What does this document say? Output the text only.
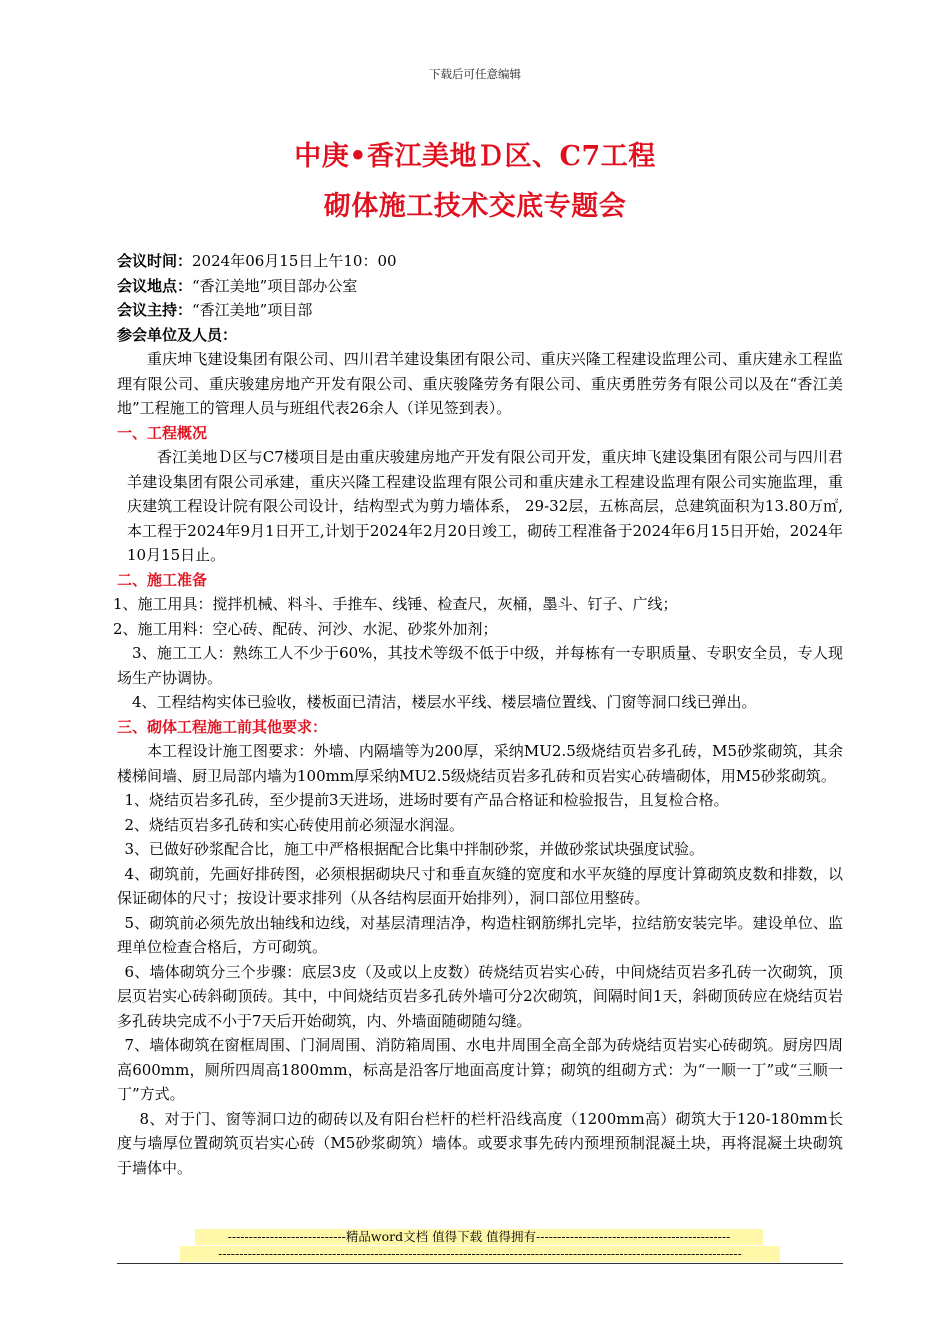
下载后可任意编辑
中庚•香江美地Ｄ区、C7工程
砌体施工技术交底专题会

会议时间：2024年06月15日上午10：00

会议地点：“香江美地”项目部办公室

会议主持：“香江美地”项目部

参会单位及人员：

重庆坤飞建设集团有限公司、四川君羊建设集团有限公司、重庆兴隆工程建设监理公司、重庆建永工程监理有限公司、重庆骏建房地产开发有限公司、重庆骏隆劳务有限公司、重庆勇胜劳务有限公司以及在“香江美地”工程施工的管理人员与班组代表26余人（详见签到表）。

一、工程概况

香江美地Ｄ区与C7楼项目是由重庆骏建房地产开发有限公司开发，重庆坤飞建设集团有限公司与四川君羊建设集团有限公司承建，重庆兴隆工程建设监理有限公司和重庆建永工程建设监理有限公司实施监理，重庆建筑工程设计院有限公司设计，结构型式为剪力墙体系， 29-32层，五栋高层，总建筑面积为13.80万㎡,本工程于2024年9月1日开工,计划于2024年2月20日竣工，砌砖工程准备于2024年6月15日开始，2024年10月15日止。

二、施工准备

1、施工用具：搅拌机械、料斗、手推车、线锤、检查尺，灰桶，墨斗、钉子、广线；

2、施工用料：空心砖、配砖、河沙、水泥、砂浆外加剂；

3、施工工人：熟练工人不少于60%，其技术等级不低于中级，并每栋有一专职质量、专职安全员，专人现场生产协调协。

4、工程结构实体已验收，楼板面已清洁，楼层水平线、楼层墙位置线、门窗等洞口线已弹出。

三、砌体工程施工前其他要求：

本工程设计施工图要求：外墙、内隔墙等为200厚，采纳MU2.5级烧结页岩多孔砖，M5砂浆砌筑，其余楼梯间墙、厨卫局部内墙为100mm厚采纳MU2.5级烧结页岩多孔砖和页岩实心砖墙砌体，用M5砂浆砌筑。

1、烧结页岩多孔砖，至少提前3天进场，进场时要有产品合格证和检验报告，且复检合格。

2、烧结页岩多孔砖和实心砖使用前必须湿水润湿。

3、已做好砂浆配合比，施工中严格根据配合比集中拌制砂浆，并做砂浆试块强度试验。

4、砌筑前，先画好排砖图，必须根据砌块尺寸和垂直灰缝的宽度和水平灰缝的厚度计算砌筑皮数和排数，以保证砌体的尺寸；按设计要求排列（从各结构层面开始排列），洞口部位用整砖。

5、砌筑前必须先放出轴线和边线，对基层清理洁净，构造柱钢筋绑扎完毕，拉结筋安装完毕。建设单位、监理单位检查合格后，方可砌筑。

6、墙体砌筑分三个步骤：底层3皮（及或以上皮数）砖烧结页岩实心砖，中间烧结页岩多孔砖一次砌筑，顶层页岩实心砖斜砌顶砖。其中，中间烧结页岩多孔砖外墙可分2次砌筑，间隔时间1天，斜砌顶砖应在烧结页岩多孔砖块完成不小于7天后开始砌筑，内、外墙面随砌随勾缝。

7、墙体砌筑在窗框周围、门洞周围、消防箱周围、水电井周围全高全部为砖烧结页岩实心砖砌筑。厨房四周高600mm，厕所四周高1800mm，标高是沿客厅地面高度计算；砌筑的组砌方式：为“一顺一丁”或“三顺一丁”方式。

8、对于门、窗等洞口边的砌砖以及有阳台栏杆的栏杆沿线高度（1200mm高）砌筑大于120-180mm长度与墙厚位置砌筑页岩实心砖（M5砂浆砌筑）墙体。或要求事先砖内预埋预制混凝土块，再将混凝土块砌筑于墙体中。

----------------------------精品word文档 值得下载 值得拥有----------------------------------------------
----------------------------------------------------------------------------------------------------------------------------
